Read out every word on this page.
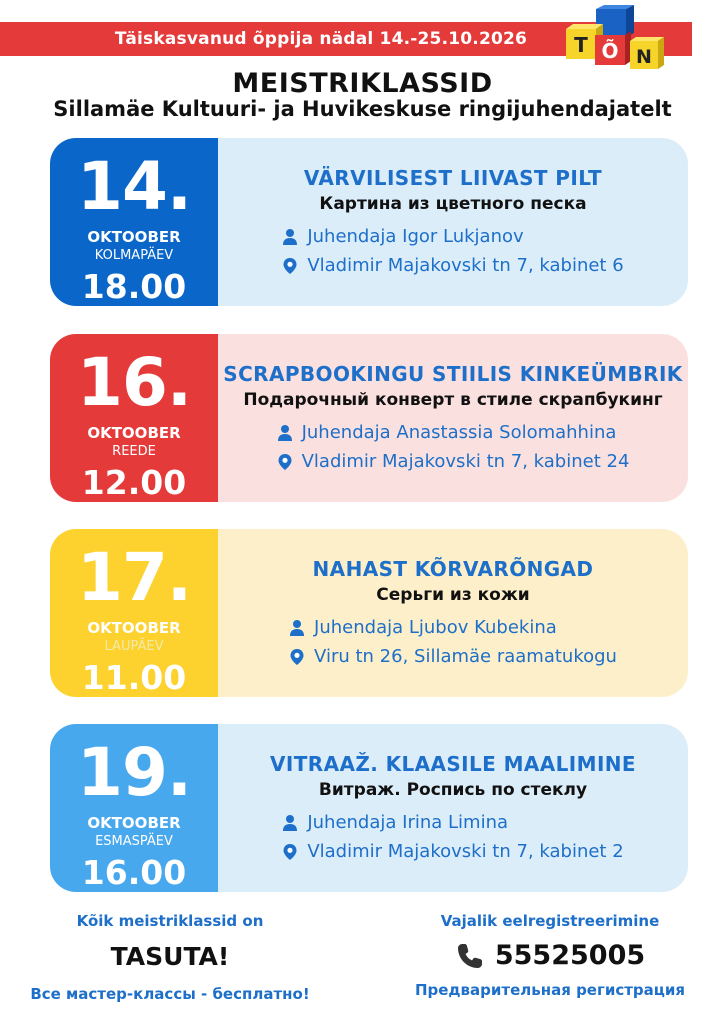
Täiskasvanud õppija nädal 14.-25.10.2026 T Õ N
MEISTRIKLASSID
Sillamäe Kultuuri- ja Huvikeskuse ringijuhendajatelt
14.
OKTOOBER
KOLMAPÄEV
18.00
VÄRVILISEST LIIVAST PILT
Картина из цветного песка
Juhendaja Igor Lukjanov
Vladimir Majakovski tn 7, kabinet 6
16.
OKTOOBER
REEDE
12.00
SCRAPBOOKINGU STIILIS KINKEÜMBRIK
Подарочный конверт в стиле скрапбукинг
Juhendaja Anastassia Solomahhina
Vladimir Majakovski tn 7, kabinet 24
17.
OKTOOBER
LAUPÄEV
11.00
NAHAST KÕRVARÕNGAD
Серьги из кожи
Juhendaja Ljubov Kubekina
Viru tn 26, Sillamäe raamatukogu
19.
OKTOOBER
ESMASPÄEV
16.00
VITRAAŽ. KLAASILE MAALIMINE
Витраж. Роспись по стеклу
Juhendaja Irina Limina
Vladimir Majakovski tn 7, kabinet 2
Kõik meistriklassid on
TASUTA!
Все мастер-классы - бесплатно!
Vajalik eelregistreerimine
55525005
Предварительная регистрация
